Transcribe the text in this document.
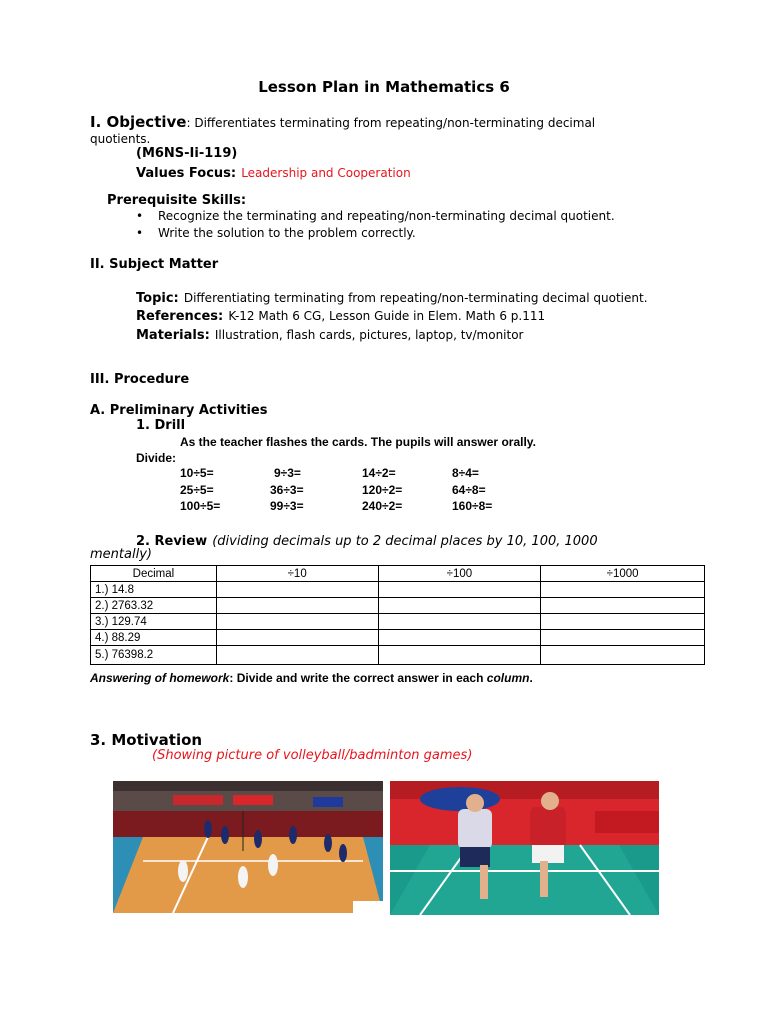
Lesson Plan in Mathematics 6
I. Objective: Differentiates terminating from repeating/non-terminating decimal
quotients.
(M6NS-Ii-119)
Values Focus: Leadership and Cooperation
Prerequisite Skills:
• Recognize the terminating and repeating/non-terminating decimal quotient.
• Write the solution to the problem correctly.
II. Subject Matter
Topic: Differentiating terminating from repeating/non-terminating decimal quotient.
References: K-12 Math 6 CG, Lesson Guide in Elem. Math 6 p.111
Materials: Illustration, flash cards, pictures, laptop, tv/monitor
III. Procedure
A. Preliminary Activities
1. Drill
As the teacher flashes the cards. The pupils will answer orally.
Divide:
10÷5=	9÷3=	14÷2=	8÷4=
25÷5=	36÷3=	120÷2=	64÷8=
100÷5=	99÷3=	240÷2=	160÷8=
2. Review (dividing decimals up to 2 decimal places by 10, 100, 1000
mentally)
Decimal	÷10	÷100	÷1000
1.) 14.8			
2.) 2763.32			
3.) 129.74			
4.) 88.29			
5.) 76398.2			
Answering of homework: Divide and write the correct answer in each column.
3. Motivation
(Showing picture of volleyball/badminton games)
